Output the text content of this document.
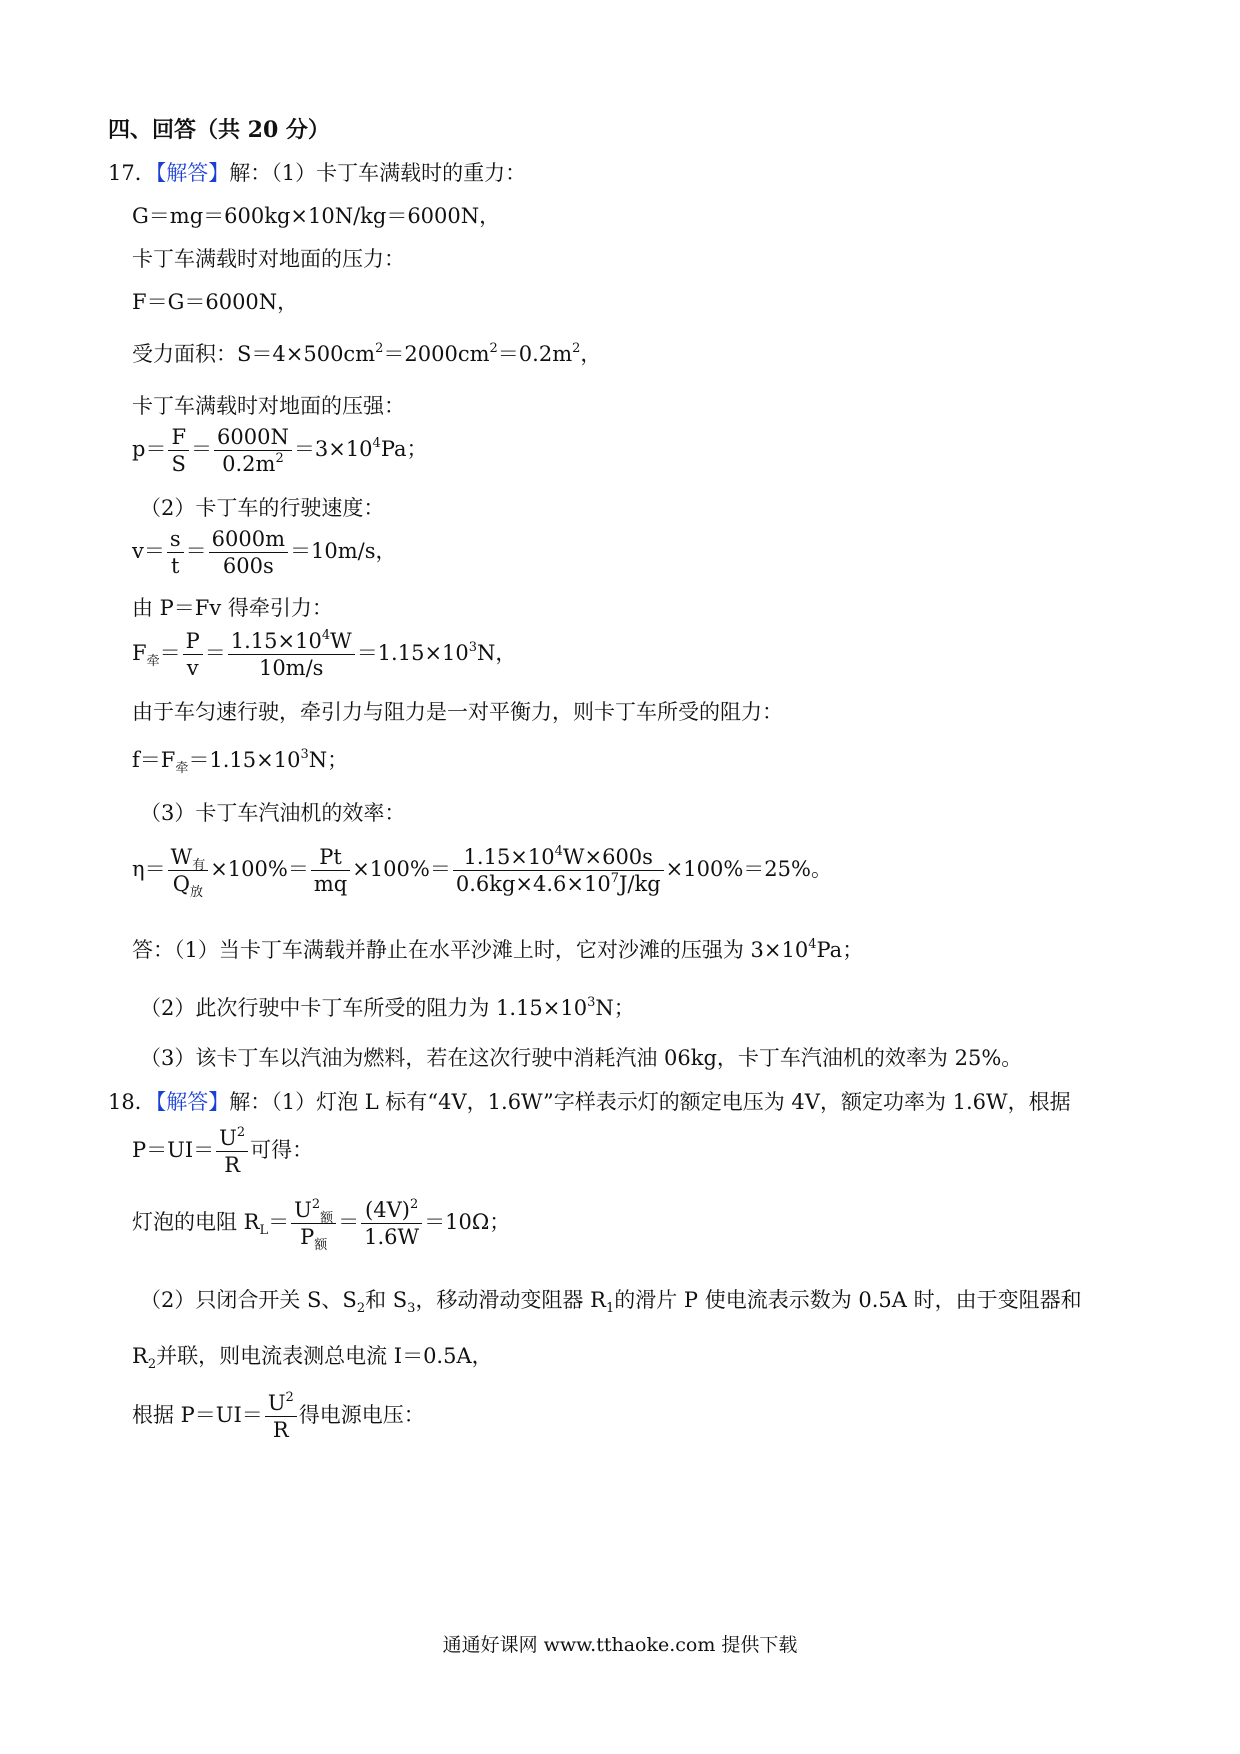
四、回答（共 20 分）
17．【解答】解：（1）卡丁车满载时的重力：
G＝mg＝600kg×10N/kg＝6000N，
卡丁车满载时对地面的压力：
F＝G＝6000N，
受力面积：$S=4\times 500cm^2=2000cm^2=0.2m^2$，
卡丁车满载时对地面的压强：
$p= \frac{F}{S} = \frac{6000N}{0.2m^2} =3\times 10^4Pa$；
（2）卡丁车的行驶速度：
$v= \frac{s}{t} = \frac{6000m}{600s} =10m/s$，
由 P＝Fv 得牵引力：
$F_牵= \frac{P}{v} = \frac{1.15\times 10^4W}{10m/s} =1.15\times 10^3N$，
由于车匀速行驶，牵引力与阻力是一对平衡力，则卡丁车所受的阻力：
$f=F_牵=1.15\times 10^3N$；
（3）卡丁车汽油机的效率：
$\eta= \frac{W_有}{Q_放} \times 100\%= \frac{Pt}{mq} \times 100\%= \frac{1.15\times 10^4W\times 600s}{0.6kg\times 4.6\times 10^7J/kg} \times 100\%=25\%$。
答：（1）当卡丁车满载并静止在水平沙滩上时，它对沙滩的压强为 $3\times 10^4Pa$；
（2）此次行驶中卡丁车所受的阻力为 $1.15\times 10^3N$；
（3）该卡丁车以汽油为燃料，若在这次行驶中消耗汽油 06kg，卡丁车汽油机的效率为 25%。
18．【解答】解：（1）灯泡 L 标有“4V，1.6W”字样表示灯的额定电压为 4V，额定功率为 1.6W，根据
$P=UI= \frac{U^2}{R}$ 可得：
灯泡的电阻 $R_L= \frac{U^2_额}{P_额} = \frac{(4V)^2}{1.6W} =10\Omega$；
（2）只闭合开关 S、$S_2$和 $S_3$，移动滑动变阻器 $R_1$的滑片 P 使电流表示数为 0.5A 时，由于变阻器和
$R_2$并联，则电流表测总电流 I＝0.5A，
根据 $P=UI= \frac{U^2}{R}$ 得电源电压：
通通好课网 www.tthaoke.com 提供下载
